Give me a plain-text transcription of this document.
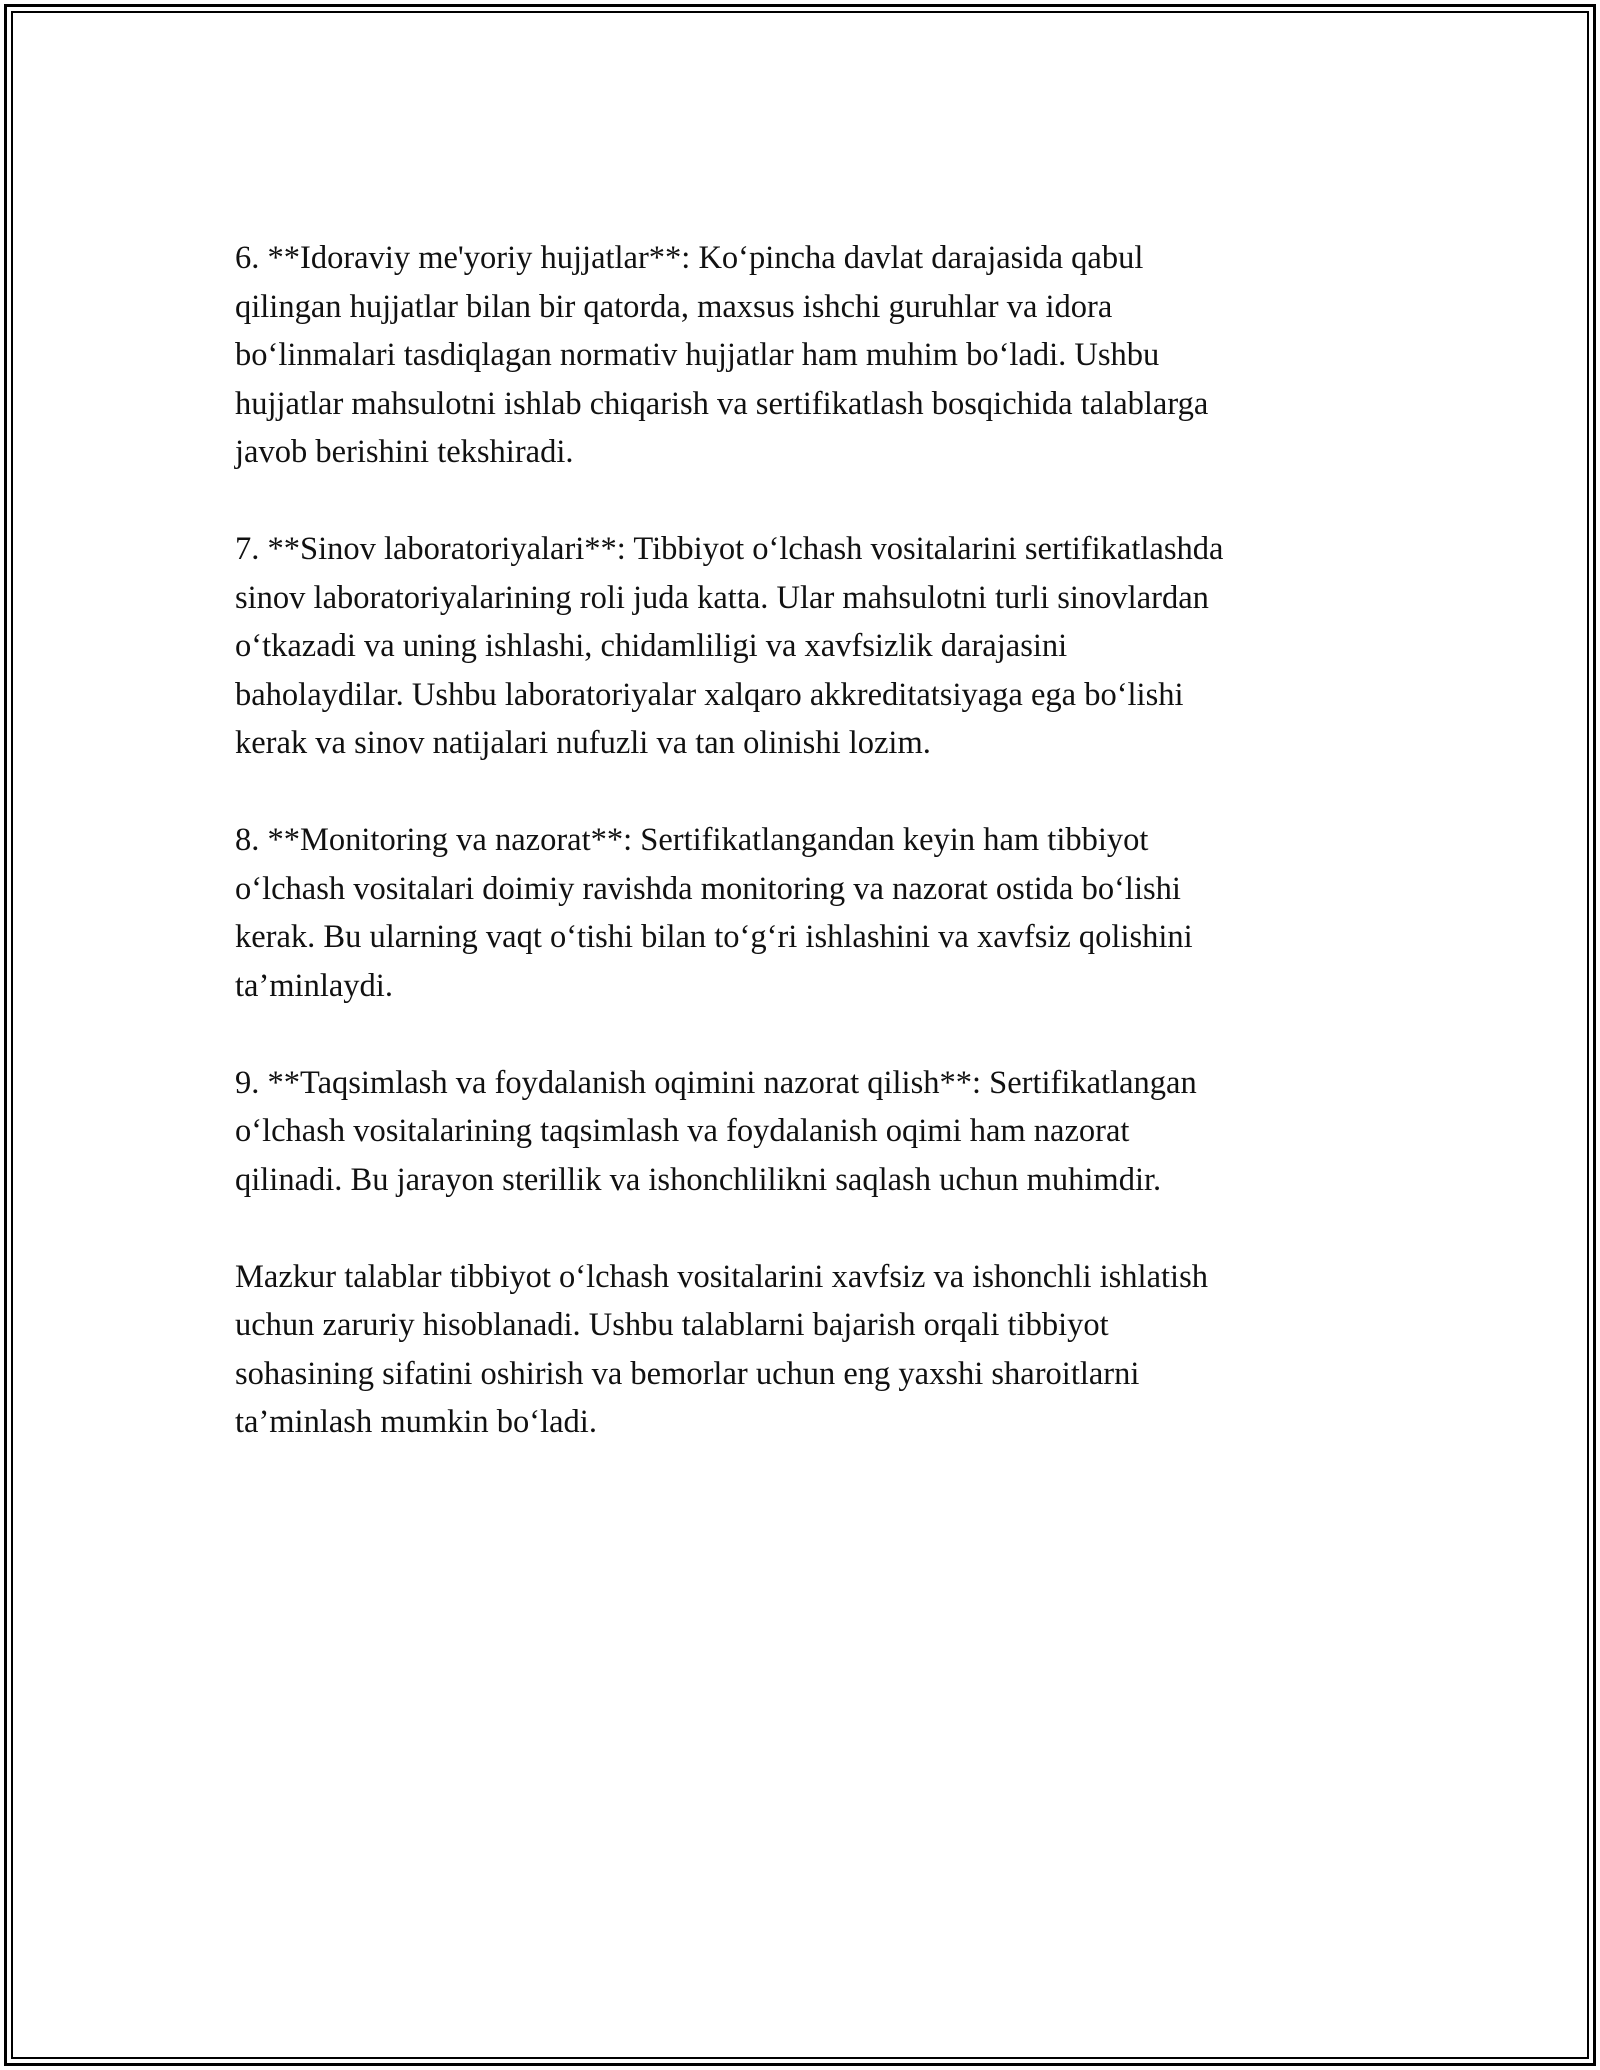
6. **Idoraviy me'yoriy hujjatlar**: Ko‘pincha davlat darajasida qabul
qilingan hujjatlar bilan bir qatorda, maxsus ishchi guruhlar va idora
bo‘linmalari tasdiqlagan normativ hujjatlar ham muhim bo‘ladi. Ushbu
hujjatlar mahsulotni ishlab chiqarish va sertifikatlash bosqichida talablarga
javob berishini tekshiradi.

7. **Sinov laboratoriyalari**: Tibbiyot o‘lchash vositalarini sertifikatlashda
sinov laboratoriyalarining roli juda katta. Ular mahsulotni turli sinovlardan
o‘tkazadi va uning ishlashi, chidamliligi va xavfsizlik darajasini
baholaydilar. Ushbu laboratoriyalar xalqaro akkreditatsiyaga ega bo‘lishi
kerak va sinov natijalari nufuzli va tan olinishi lozim.

8. **Monitoring va nazorat**: Sertifikatlangandan keyin ham tibbiyot
o‘lchash vositalari doimiy ravishda monitoring va nazorat ostida bo‘lishi
kerak. Bu ularning vaqt o‘tishi bilan to‘g‘ri ishlashini va xavfsiz qolishini
ta’minlaydi.

9. **Taqsimlash va foydalanish oqimini nazorat qilish**: Sertifikatlangan
o‘lchash vositalarining taqsimlash va foydalanish oqimi ham nazorat
qilinadi. Bu jarayon sterillik va ishonchlilikni saqlash uchun muhimdir.

Mazkur talablar tibbiyot o‘lchash vositalarini xavfsiz va ishonchli ishlatish
uchun zaruriy hisoblanadi. Ushbu talablarni bajarish orqali tibbiyot
sohasining sifatini oshirish va bemorlar uchun eng yaxshi sharoitlarni
ta’minlash mumkin bo‘ladi.
